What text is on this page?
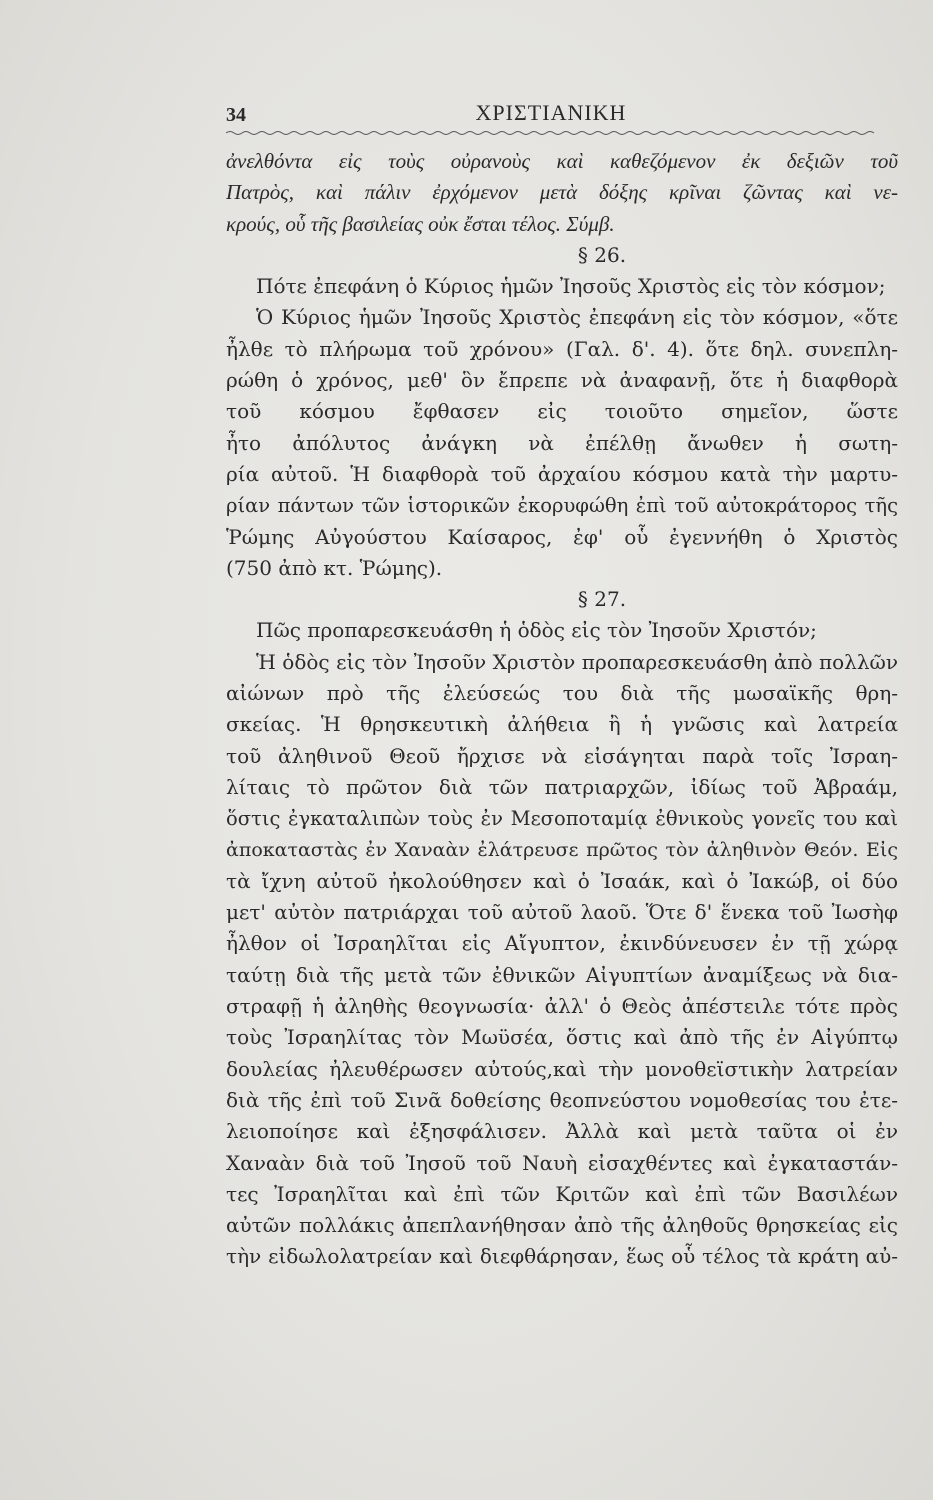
34	ΧΡΙΣΤΙΑΝΙΚΗ
ἀνελθόντα εἰς τοὺς οὐρανοὺς καὶ καθεζόμενον ἐκ δεξιῶν τοῦ
Πατρὸς, καὶ πάλιν ἐρχόμενον μετὰ δόξης κρῖναι ζῶντας καὶ νε-
κρούς, οὗ τῆς βασιλείας οὐκ ἔσται τέλος. Σύμβ.
§ 26.
Πότε ἐπεφάνη ὁ Κύριος ἡμῶν Ἰησοῦς Χριστὸς εἰς τὸν κόσμον;
Ὁ Κύριος ἡμῶν Ἰησοῦς Χριστὸς ἐπεφάνη εἰς τὸν κόσμον, «ὅτε
ἦλθε τὸ πλήρωμα τοῦ χρόνου» (Γαλ. δ'. 4). ὅτε δηλ. συνεπλη-
ρώθη ὁ χρόνος, μεθ' ὃν ἔπρεπε νὰ ἀναφανῇ, ὅτε ἡ διαφθορὰ
τοῦ κόσμου ἔφθασεν εἰς τοιοῦτο σημεῖον, ὥστε
ἦτο ἀπόλυτος ἀνάγκη νὰ ἐπέλθῃ ἄνωθεν ἡ σωτη-
ρία αὐτοῦ. Ἡ διαφθορὰ τοῦ ἀρχαίου κόσμου κατὰ τὴν μαρτυ-
ρίαν πάντων τῶν ἱστορικῶν ἐκορυφώθη ἐπὶ τοῦ αὐτοκράτορος τῆς
Ῥώμης Αὐγούστου Καίσαρος, ἐφ' οὗ ἐγεννήθη ὁ Χριστὸς
(750 ἀπὸ κτ. Ῥώμης).
§ 27.
Πῶς προπαρεσκευάσθη ἡ ὁδὸς εἰς τὸν Ἰησοῦν Χριστόν;
Ἡ ὁδὸς εἰς τὸν Ἰησοῦν Χριστὸν προπαρεσκευάσθη ἀπὸ πολλῶν
αἰώνων πρὸ τῆς ἐλεύσεώς του διὰ τῆς μωσαϊκῆς θρη-
σκείας. Ἡ θρησκευτικὴ ἀλήθεια ἢ ἡ γνῶσις καὶ λατρεία
τοῦ ἀληθινοῦ Θεοῦ ἤρχισε νὰ εἰσάγηται παρὰ τοῖς Ἰσραη-
λίταις τὸ πρῶτον διὰ τῶν πατριαρχῶν, ἰδίως τοῦ Ἀβραάμ,
ὅστις ἐγκαταλιπὼν τοὺς ἐν Μεσοποταμίᾳ ἐθνικοὺς γονεῖς του καὶ
ἀποκαταστὰς ἐν Χαναὰν ἐλάτρευσε πρῶτος τὸν ἀληθινὸν Θεόν. Εἰς
τὰ ἴχνη αὐτοῦ ἠκολούθησεν καὶ ὁ Ἰσαάκ, καὶ ὁ Ἰακώβ, οἱ δύο
μετ' αὐτὸν πατριάρχαι τοῦ αὐτοῦ λαοῦ. Ὅτε δ' ἕνεκα τοῦ Ἰωσὴφ
ἦλθον οἱ Ἰσραηλῖται εἰς Αἴγυπτον, ἐκινδύνευσεν ἐν τῇ χώρᾳ
ταύτῃ διὰ τῆς μετὰ τῶν ἐθνικῶν Αἰγυπτίων ἀναμίξεως νὰ δια-
στραφῇ ἡ ἀληθὴς θεογνωσία· ἀλλ' ὁ Θεὸς ἀπέστειλε τότε πρὸς
τοὺς Ἰσραηλίτας τὸν Μωϋσέα, ὅστις καὶ ἀπὸ τῆς ἐν Αἰγύπτῳ
δουλείας ἠλευθέρωσεν αὐτούς,καὶ τὴν μονοθεϊστικὴν λατρείαν
διὰ τῆς ἐπὶ τοῦ Σινᾶ δοθείσης θεοπνεύστου νομοθεσίας του ἐτε-
λειοποίησε καὶ ἐξησφάλισεν. Ἀλλὰ καὶ μετὰ ταῦτα οἱ ἐν
Χαναὰν διὰ τοῦ Ἰησοῦ τοῦ Ναυὴ εἰσαχθέντες καὶ ἐγκαταστάν-
τες Ἰσραηλῖται καὶ ἐπὶ τῶν Κριτῶν καὶ ἐπὶ τῶν Βασιλέων
αὐτῶν πολλάκις ἀπεπλανήθησαν ἀπὸ τῆς ἀληθοῦς θρησκείας εἰς
τὴν εἰδωλολατρείαν καὶ διεφθάρησαν, ἕως οὗ τέλος τὰ κράτη αὐ-
